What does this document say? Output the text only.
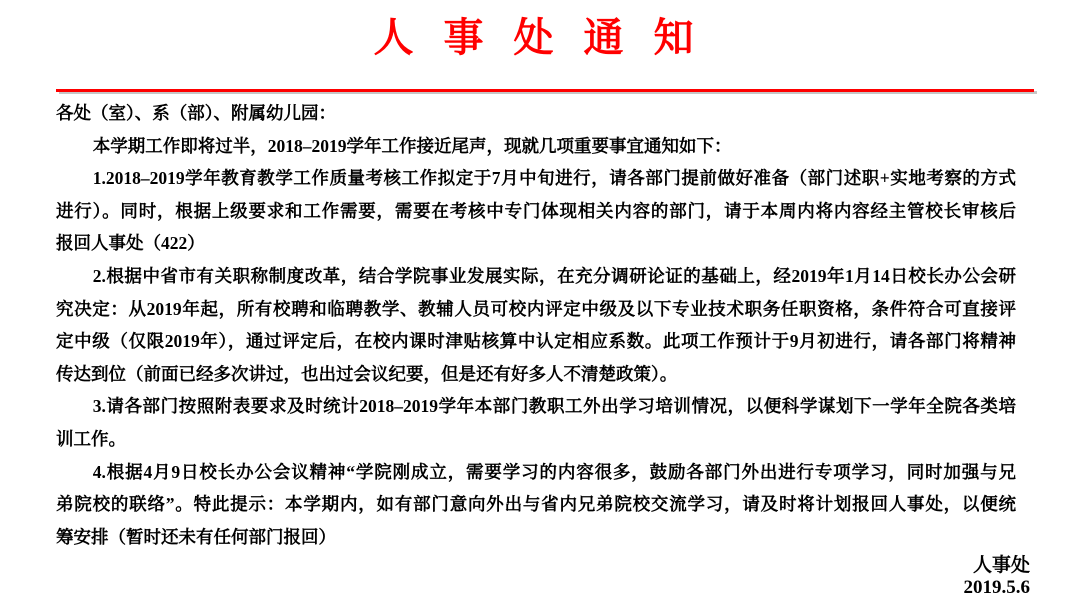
人 事 处 通 知
各处（室）、系（部）、附属幼儿园：
本学期工作即将过半，2018–2019学年工作接近尾声，现就几项重要事宜通知如下：
1.2018–2019学年教育教学工作质量考核工作拟定于7月中旬进行，请各部门提前做好准备（部门述职+实地考察的方式
进行）。同时，根据上级要求和工作需要，需要在考核中专门体现相关内容的部门，请于本周内将内容经主管校长审核后
报回人事处（422）
2.根据中省市有关职称制度改革，结合学院事业发展实际，在充分调研论证的基础上，经2019年1月14日校长办公会研
究决定：从2019年起，所有校聘和临聘教学、教辅人员可校内评定中级及以下专业技术职务任职资格，条件符合可直接评
定中级（仅限2019年），通过评定后，在校内课时津贴核算中认定相应系数。此项工作预计于9月初进行，请各部门将精神
传达到位（前面已经多次讲过，也出过会议纪要，但是还有好多人不清楚政策）。
3.请各部门按照附表要求及时统计2018–2019学年本部门教职工外出学习培训情况，以便科学谋划下一学年全院各类培
训工作。
4.根据4月9日校长办公会议精神“学院刚成立，需要学习的内容很多，鼓励各部门外出进行专项学习，同时加强与兄
弟院校的联络”。特此提示：本学期内，如有部门意向外出与省内兄弟院校交流学习，请及时将计划报回人事处，以便统
筹安排（暂时还未有任何部门报回）
人事处
2019.5.6
